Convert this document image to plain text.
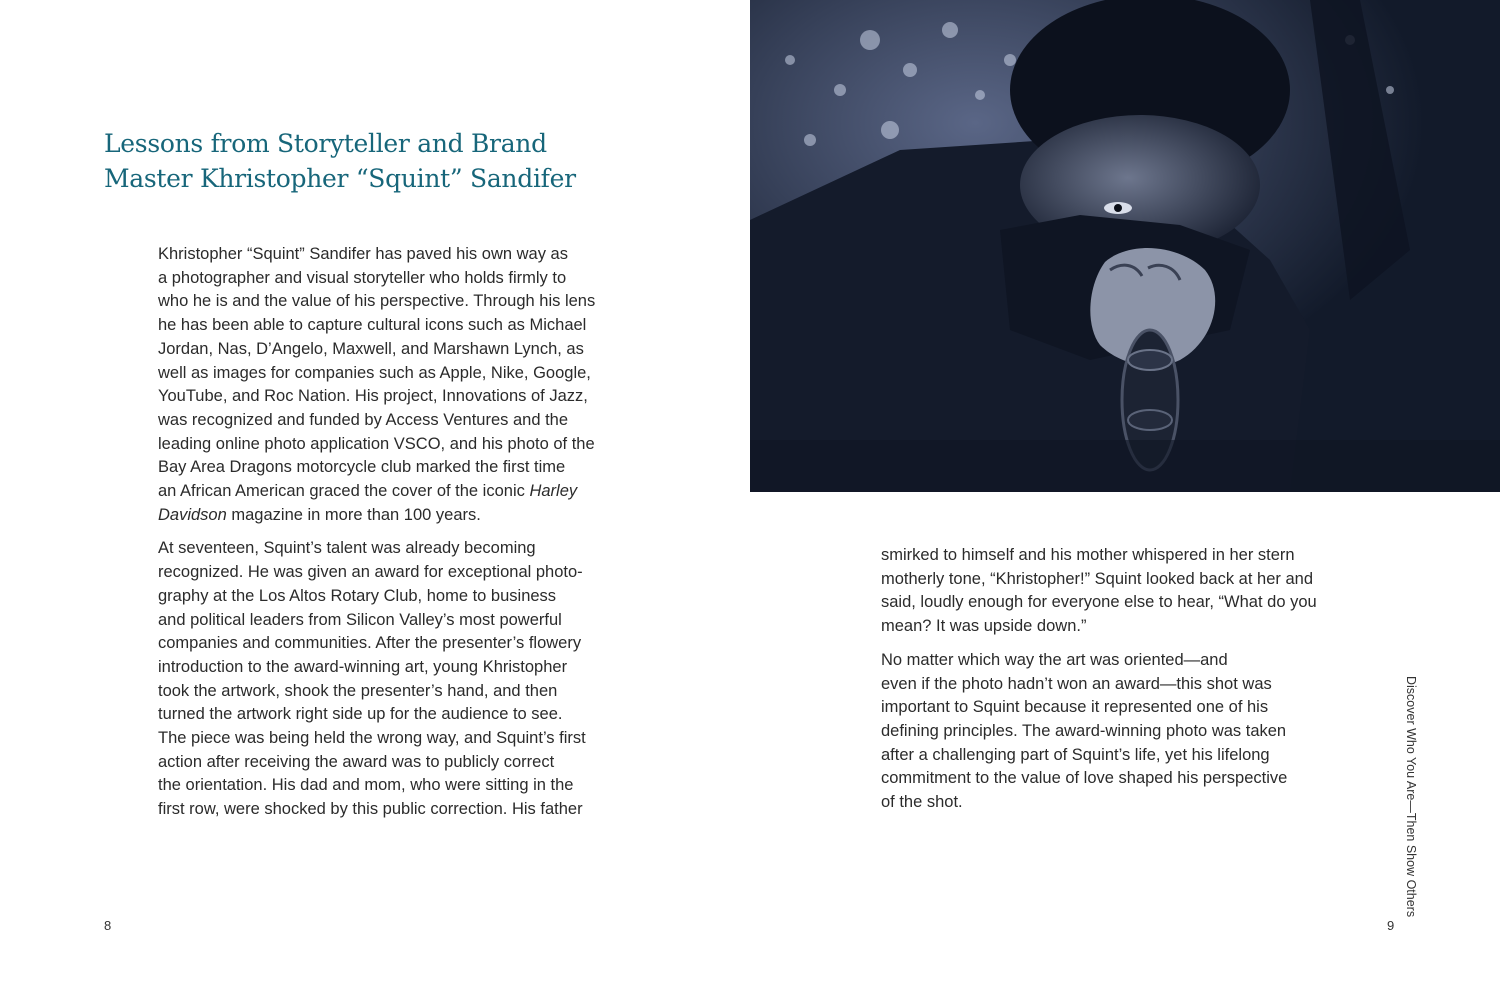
Lessons from Storyteller and Brand
Master Khristopher “Squint” Sandifer

Khristopher “Squint” Sandifer has paved his own way as
a photographer and visual storyteller who holds firmly to
who he is and the value of his perspective. Through his lens
he has been able to capture cultural icons such as Michael
Jordan, Nas, D’Angelo, Maxwell, and Marshawn Lynch, as
well as images for companies such as Apple, Nike, Google,
YouTube, and Roc Nation. His project, Innovations of Jazz,
was recognized and funded by Access Ventures and the
leading online photo application VSCO, and his photo of the
Bay Area Dragons motorcycle club marked the first time
an African American graced the cover of the iconic Harley
Davidson magazine in more than 100 years.

At seventeen, Squint’s talent was already becoming
recognized. He was given an award for exceptional photo-
graphy at the Los Altos Rotary Club, home to business
and political leaders from Silicon Valley’s most powerful
companies and communities. After the presenter’s flowery
introduction to the award-winning art, young Khristopher
took the artwork, shook the presenter’s hand, and then
turned the artwork right side up for the audience to see.
The piece was being held the wrong way, and Squint’s first
action after receiving the award was to publicly correct
the orientation. His dad and mom, who were sitting in the
first row, were shocked by this public correction. His father

8

smirked to himself and his mother whispered in her stern
motherly tone, “Khristopher!” Squint looked back at her and
said, loudly enough for everyone else to hear, “What do you
mean? It was upside down.”

No matter which way the art was oriented—and
even if the photo hadn’t won an award—this shot was
important to Squint because it represented one of his
defining principles. The award-winning photo was taken
after a challenging part of Squint’s life, yet his lifelong
commitment to the value of love shaped his perspective
of the shot.	Discover Who You Are—Then Show Others
9
